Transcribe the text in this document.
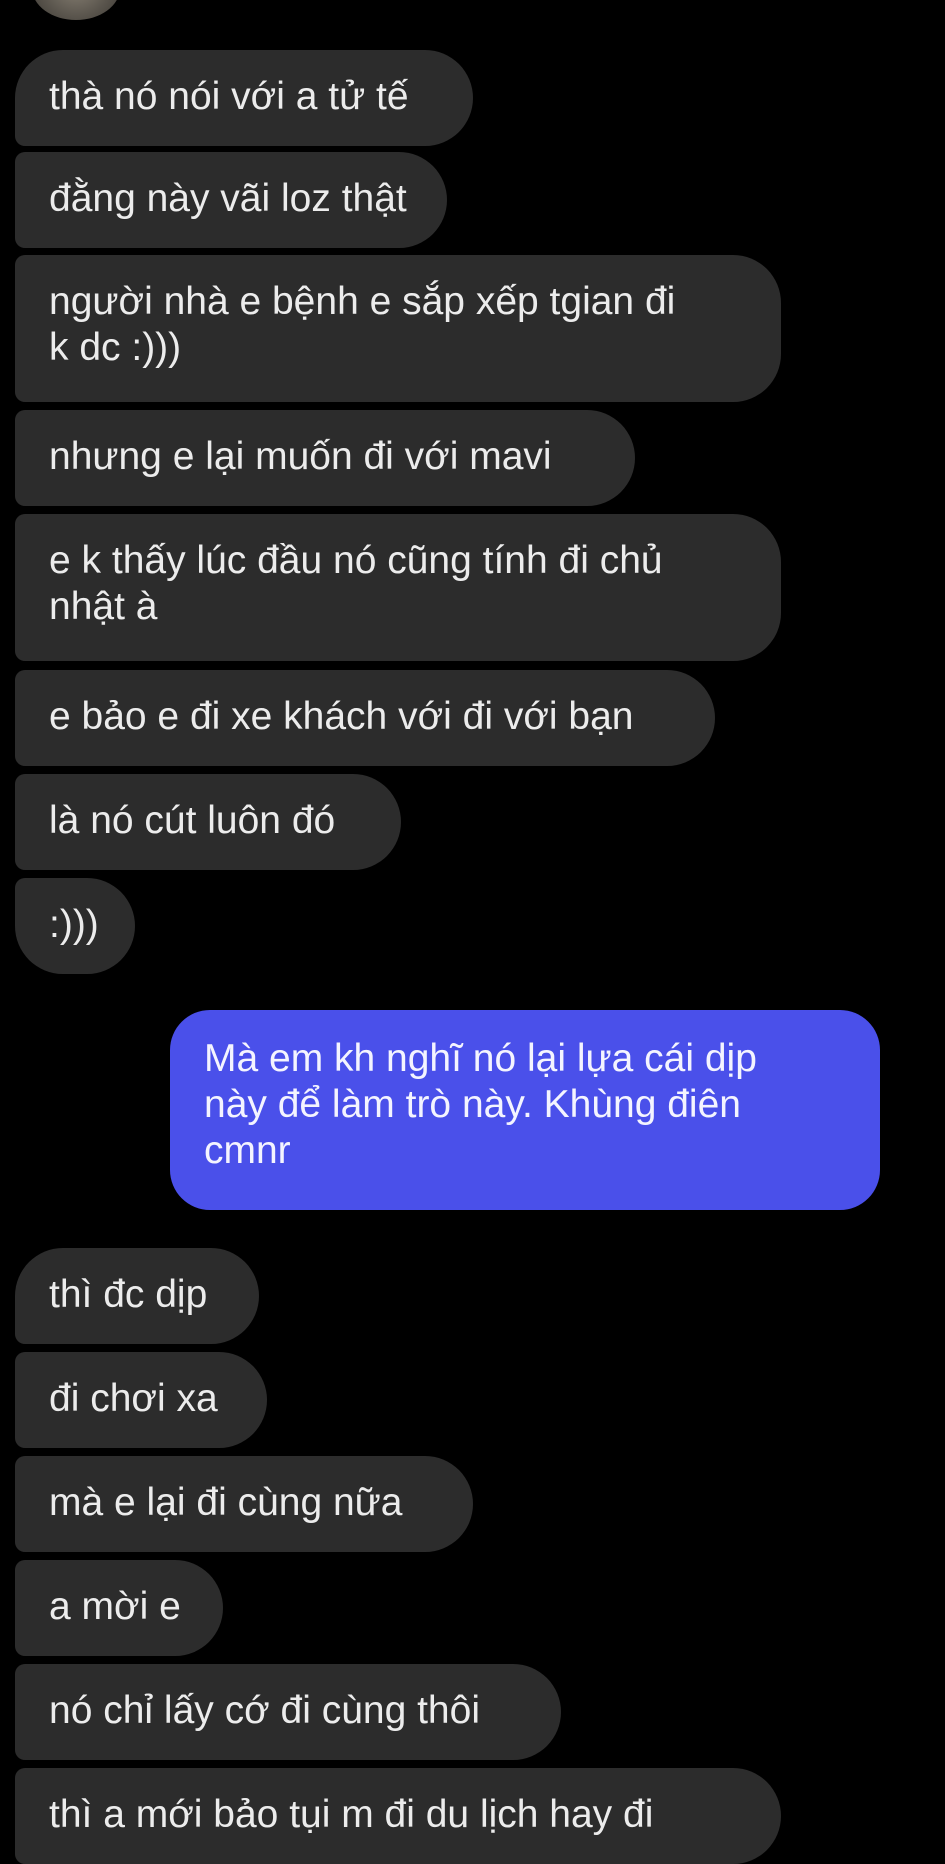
thà nó nói với a tử tế
đằng này vãi loz thật
người nhà e bệnh e sắp xếp tgian đi
k dc :)))
nhưng e lại muốn đi với mavi
e k thấy lúc đầu nó cũng tính đi chủ
nhật à
e bảo e đi xe khách với đi với bạn
là nó cút luôn đó
:)))
Mà em kh nghĩ nó lại lựa cái dịp
này để làm trò này. Khùng điên
cmnr
thì đc dịp
đi chơi xa
mà e lại đi cùng nữa
a mời e
nó chỉ lấy cớ đi cùng thôi
thì a mới bảo tụi m đi du lịch hay đi
